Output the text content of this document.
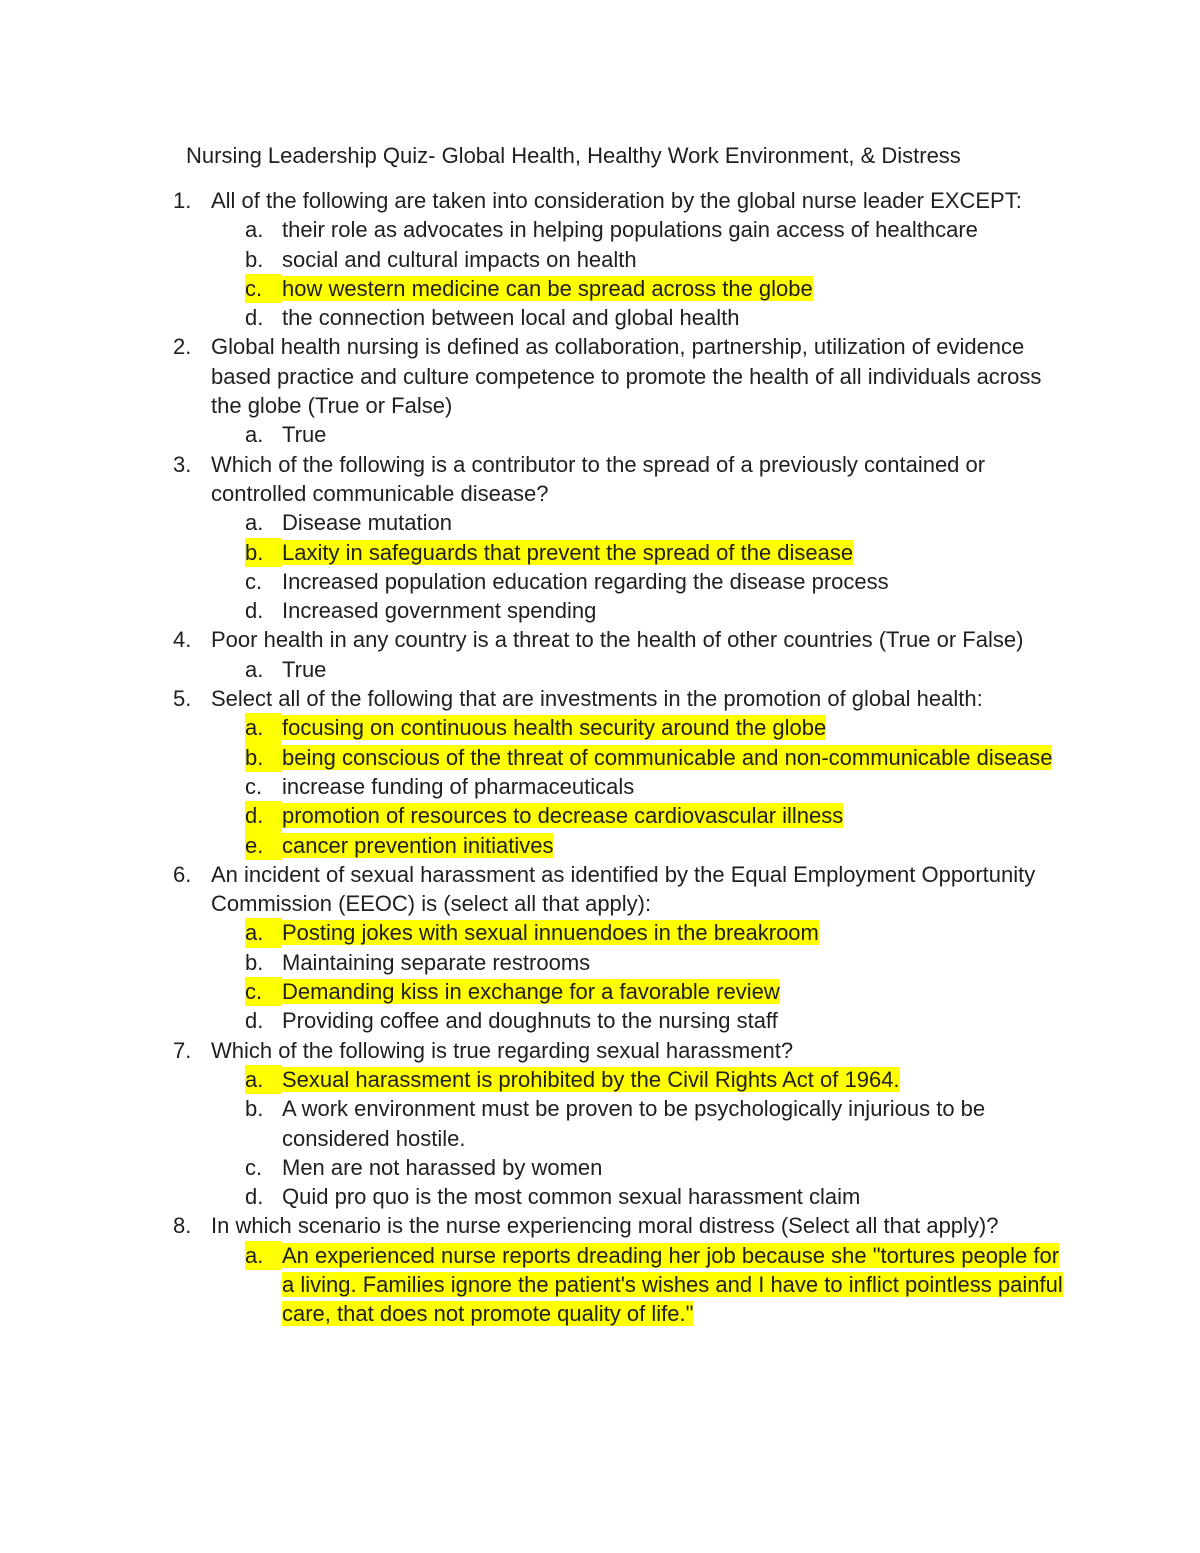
Nursing Leadership Quiz- Global Health, Healthy Work Environment, & Distress
1. All of the following are taken into consideration by the global nurse leader EXCEPT:
a. their role as advocates in helping populations gain access of healthcare
b. social and cultural impacts on health
c. how western medicine can be spread across the globe
d. the connection between local and global health
2. Global health nursing is defined as collaboration, partnership, utilization of evidence based practice and culture competence to promote the health of all individuals across the globe (True or False)
a. True
3. Which of the following is a contributor to the spread of a previously contained or controlled communicable disease?
a. Disease mutation
b. Laxity in safeguards that prevent the spread of the disease
c. Increased population education regarding the disease process
d. Increased government spending
4. Poor health in any country is a threat to the health of other countries (True or False)
a. True
5. Select all of the following that are investments in the promotion of global health:
a. focusing on continuous health security around the globe
b. being conscious of the threat of communicable and non-communicable disease
c. increase funding of pharmaceuticals
d. promotion of resources to decrease cardiovascular illness
e. cancer prevention initiatives
6. An incident of sexual harassment as identified by the Equal Employment Opportunity Commission (EEOC) is (select all that apply):
a. Posting jokes with sexual innuendoes in the breakroom
b. Maintaining separate restrooms
c. Demanding kiss in exchange for a favorable review
d. Providing coffee and doughnuts to the nursing staff
7. Which of the following is true regarding sexual harassment?
a. Sexual harassment is prohibited by the Civil Rights Act of 1964.
b. A work environment must be proven to be psychologically injurious to be considered hostile.
c. Men are not harassed by women
d. Quid pro quo is the most common sexual harassment claim
8. In which scenario is the nurse experiencing moral distress (Select all that apply)?
a. An experienced nurse reports dreading her job because she "tortures people for a living. Families ignore the patient's wishes and I have to inflict pointless painful care, that does not promote quality of life."
